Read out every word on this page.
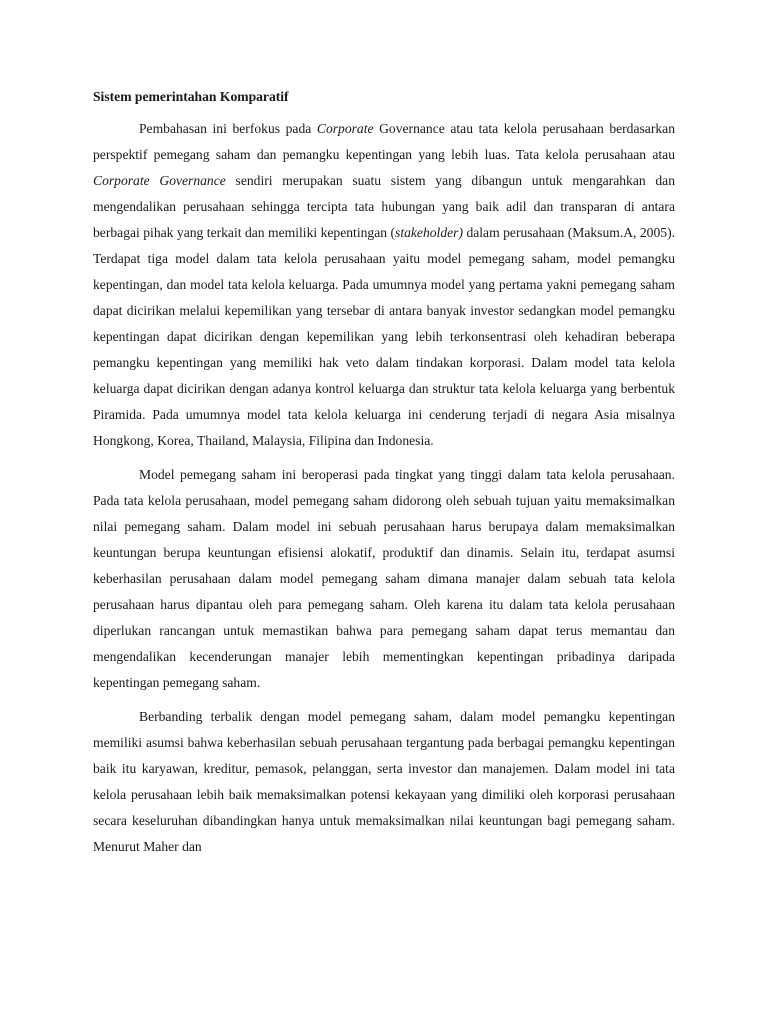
Sistem pemerintahan Komparatif

Pembahasan ini berfokus pada Corporate Governance atau tata kelola perusahaan berdasarkan perspektif pemegang saham dan pemangku kepentingan yang lebih luas. Tata kelola perusahaan atau Corporate Governance sendiri merupakan suatu sistem yang dibangun untuk mengarahkan dan mengendalikan perusahaan sehingga tercipta tata hubungan yang baik adil dan transparan di antara berbagai pihak yang terkait dan memiliki kepentingan (stakeholder) dalam perusahaan (Maksum.A, 2005). Terdapat tiga model dalam tata kelola perusahaan yaitu model pemegang saham, model pemangku kepentingan, dan model tata kelola keluarga. Pada umumnya model yang pertama yakni pemegang saham dapat dicirikan melalui kepemilikan yang tersebar di antara banyak investor sedangkan model pemangku kepentingan dapat dicirikan dengan kepemilikan yang lebih terkonsentrasi oleh kehadiran beberapa pemangku kepentingan yang memiliki hak veto dalam tindakan korporasi. Dalam model tata kelola keluarga dapat dicirikan dengan adanya kontrol keluarga dan struktur tata kelola keluarga yang berbentuk Piramida. Pada umumnya model tata kelola keluarga ini cenderung terjadi di negara Asia misalnya Hongkong, Korea, Thailand, Malaysia, Filipina dan Indonesia.

Model pemegang saham ini beroperasi pada tingkat yang tinggi dalam tata kelola perusahaan. Pada tata kelola perusahaan, model pemegang saham didorong oleh sebuah tujuan yaitu memaksimalkan nilai pemegang saham. Dalam model ini sebuah perusahaan harus berupaya dalam memaksimalkan keuntungan berupa keuntungan efisiensi alokatif, produktif dan dinamis. Selain itu, terdapat asumsi keberhasilan perusahaan dalam model pemegang saham dimana manajer dalam sebuah tata kelola perusahaan harus dipantau oleh para pemegang saham. Oleh karena itu dalam tata kelola perusahaan diperlukan rancangan untuk memastikan bahwa para pemegang saham dapat terus memantau dan mengendalikan kecenderungan manajer lebih mementingkan kepentingan pribadinya daripada kepentingan pemegang saham.

Berbanding terbalik dengan model pemegang saham, dalam model pemangku kepentingan memiliki asumsi bahwa keberhasilan sebuah perusahaan tergantung pada berbagai pemangku kepentingan baik itu karyawan, kreditur, pemasok, pelanggan, serta investor dan manajemen. Dalam model ini tata kelola perusahaan lebih baik memaksimalkan potensi kekayaan yang dimiliki oleh korporasi perusahaan secara keseluruhan dibandingkan hanya untuk memaksimalkan nilai keuntungan bagi pemegang saham. Menurut Maher dan
